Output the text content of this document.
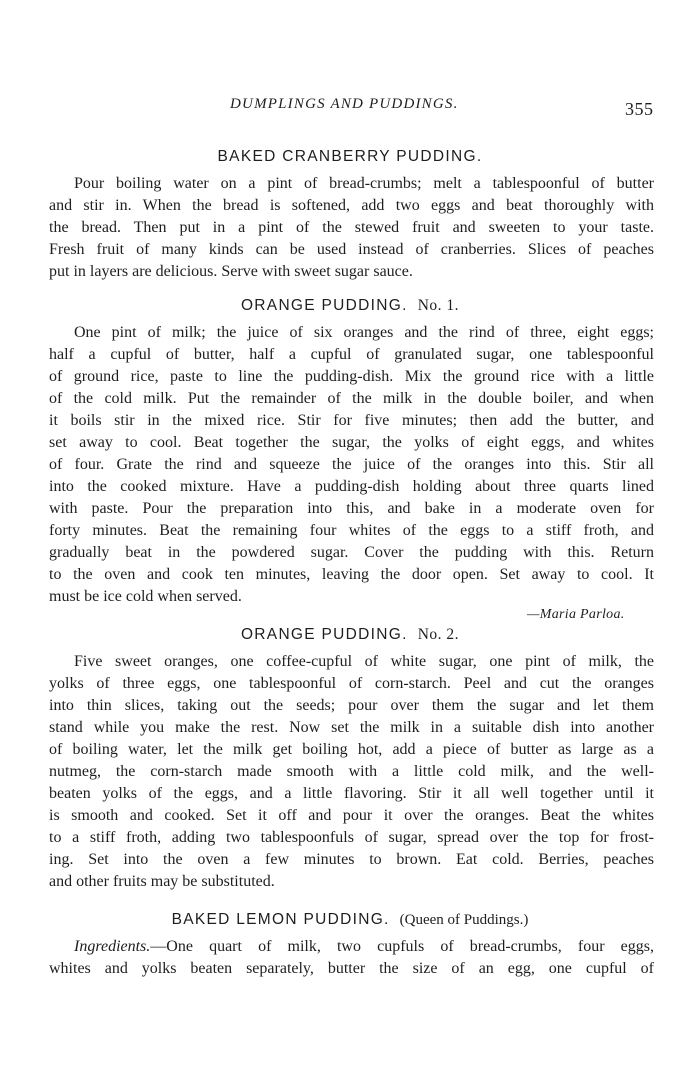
DUMPLINGS AND PUDDINGS.	355
BAKED CRANBERRY PUDDING.
Pour boiling water on a pint of bread-crumbs; melt a tablespoonful of butter
and stir in. When the bread is softened, add two eggs and beat thoroughly with
the bread. Then put in a pint of the stewed fruit and sweeten to your taste.
Fresh fruit of many kinds can be used instead of cranberries. Slices of peaches
put in layers are delicious. Serve with sweet sugar sauce.
ORANGE PUDDING. No. 1.
One pint of milk; the juice of six oranges and the rind of three, eight eggs;
half a cupful of butter, half a cupful of granulated sugar, one tablespoonful
of ground rice, paste to line the pudding-dish. Mix the ground rice with a little
of the cold milk. Put the remainder of the milk in the double boiler, and when
it boils stir in the mixed rice. Stir for five minutes; then add the butter, and
set away to cool. Beat together the sugar, the yolks of eight eggs, and whites
of four. Grate the rind and squeeze the juice of the oranges into this. Stir all
into the cooked mixture. Have a pudding-dish holding about three quarts lined
with paste. Pour the preparation into this, and bake in a moderate oven for
forty minutes. Beat the remaining four whites of the eggs to a stiff froth, and
gradually beat in the powdered sugar. Cover the pudding with this. Return
to the oven and cook ten minutes, leaving the door open. Set away to cool. It
must be ice cold when served.
—Maria Parloa.
ORANGE PUDDING. No. 2.
Five sweet oranges, one coffee-cupful of white sugar, one pint of milk, the
yolks of three eggs, one tablespoonful of corn-starch. Peel and cut the oranges
into thin slices, taking out the seeds; pour over them the sugar and let them
stand while you make the rest. Now set the milk in a suitable dish into another
of boiling water, let the milk get boiling hot, add a piece of butter as large as a
nutmeg, the corn-starch made smooth with a little cold milk, and the well-
beaten yolks of the eggs, and a little flavoring. Stir it all well together until it
is smooth and cooked. Set it off and pour it over the oranges. Beat the whites
to a stiff froth, adding two tablespoonfuls of sugar, spread over the top for frost-
ing. Set into the oven a few minutes to brown. Eat cold. Berries, peaches
and other fruits may be substituted.
BAKED LEMON PUDDING. (Queen of Puddings.)
Ingredients.—One quart of milk, two cupfuls of bread-crumbs, four eggs,
whites and yolks beaten separately, butter the size of an egg, one cupful of
